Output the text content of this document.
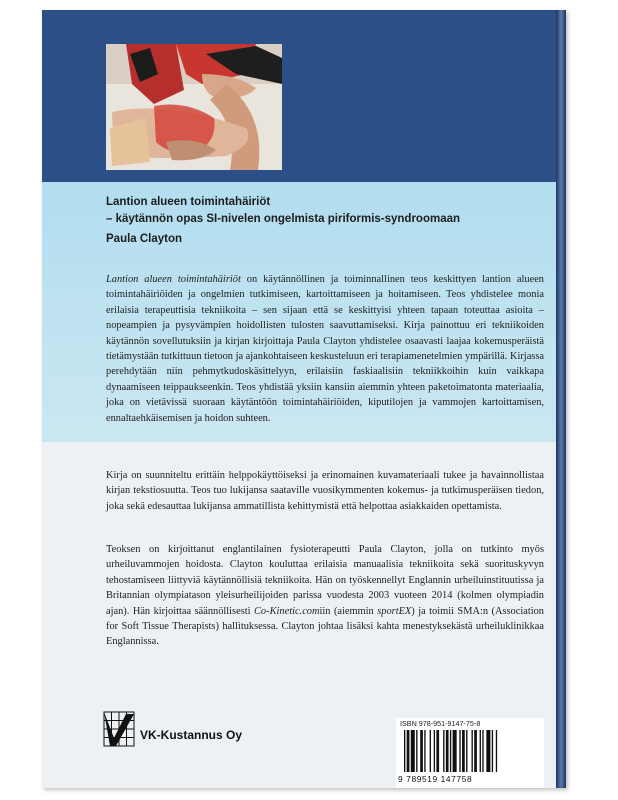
Lantion alueen toimintahäiriöt
– käytännön opas SI-nivelen ongelmista piriformis-syndroomaan
Paula Clayton

Lantion alueen toimintahäiriöt on käytännöllinen ja toiminnallinen teos keskittyen lantion alueen toimintahäiriöiden ja ongelmien tutkimiseen, kartoittamiseen ja hoitamiseen. Teos yhdistelee monia erilaisia terapeuttisia tekniikoita – sen sijaan että se keskittyisi yhteen tapaan toteuttaa asioita – nopeampien ja pysyvämpien hoidollisten tulosten saavuttamiseksi. Kirja painottuu eri tekniikoiden käytännön sovellutuksiin ja kirjan kirjoittaja Paula Clayton yhdistelee osaavasti laajaa kokemusperäistä tietämystään tutkittuun tietoon ja ajankohtaiseen keskusteluun eri terapiamenetelmien ympärillä. Kirjassa perehdytään niin pehmytkudoskäsittelyyn, erilaisiin faskiaalisiin tekniikkoihin kuin vaikkapa dynaamiseen teippaukseenkin. Teos yhdistää yksiin kansiin aiemmin yhteen paketoimatonta materiaalia, joka on vietävissä suoraan käytäntöön toimintahäiriöiden, kiputilojen ja vammojen kartoittamisen, ennaltaehkäisemisen ja hoidon suhteen.

Kirja on suunniteltu erittäin helppokäyttöiseksi ja erinomainen kuvamateriaali tukee ja havainnollistaa kirjan tekstiosuutta. Teos tuo lukijansa saataville vuosikymmenten kokemus- ja tutkimusperäisen tiedon, joka sekä edesauttaa lukijansa ammatillista kehittymistä että helpottaa asiakkaiden opettamista.

Teoksen on kirjoittanut englantilainen fysioterapeutti Paula Clayton, jolla on tutkinto myös urheiluvammojen hoidosta. Clayton kouluttaa erilaisia manuaalisia tekniikoita sekä suorituskyvyn tehostamiseen liittyviä käytännöllisiä tekniikoita. Hän on työskennellyt Englannin urheiluinstituutissa ja Britannian olympiatason yleisurheilijoiden parissa vuodesta 2003 vuoteen 2014 (kolmen olympiadin ajan). Hän kirjoittaa säännöllisesti Co-Kinetic.comiin (aiemmin sportEX) ja toimii SMA:n (Association for Soft Tissue Therapists) hallituksessa. Clayton johtaa lisäksi kahta menestyksekästä urheiluklinikkaa Englannissa.

VK-Kustannus Oy
ISBN 978-951-9147-75-8
9 789519 147758
